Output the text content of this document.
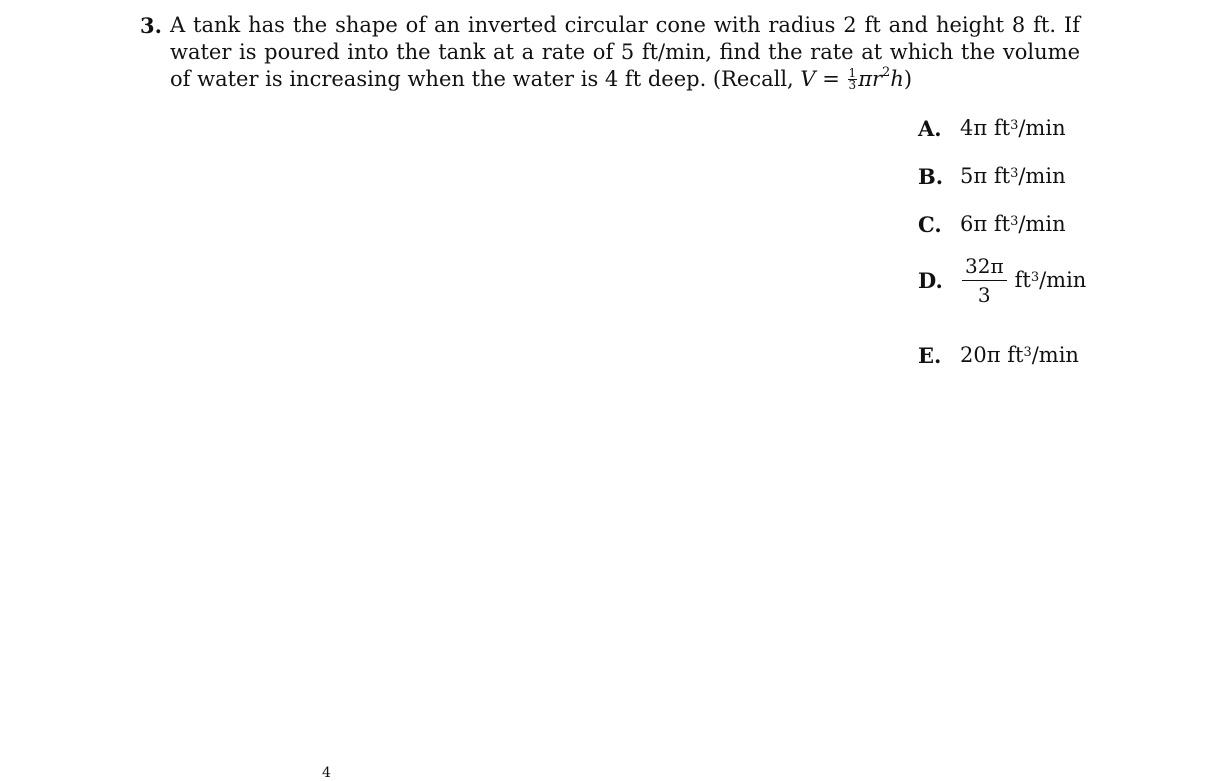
3. A tank has the shape of an inverted circular cone with radius 2 ft and height 8 ft. If water is poured into the tank at a rate of 5 ft/min, find the rate at which the volume of water is increasing when the water is 4 ft deep. (Recall, $V = \frac{1}{3} \pi r^2h$)
A. 4π
$ft^3$ /min
B. 5π
$ft^3$ /min
C. 6π
$ft^3$ /min
D. $\frac{32\pi}{3} ft^3$ /min
E. 20π
$ft^3$ /min
4
